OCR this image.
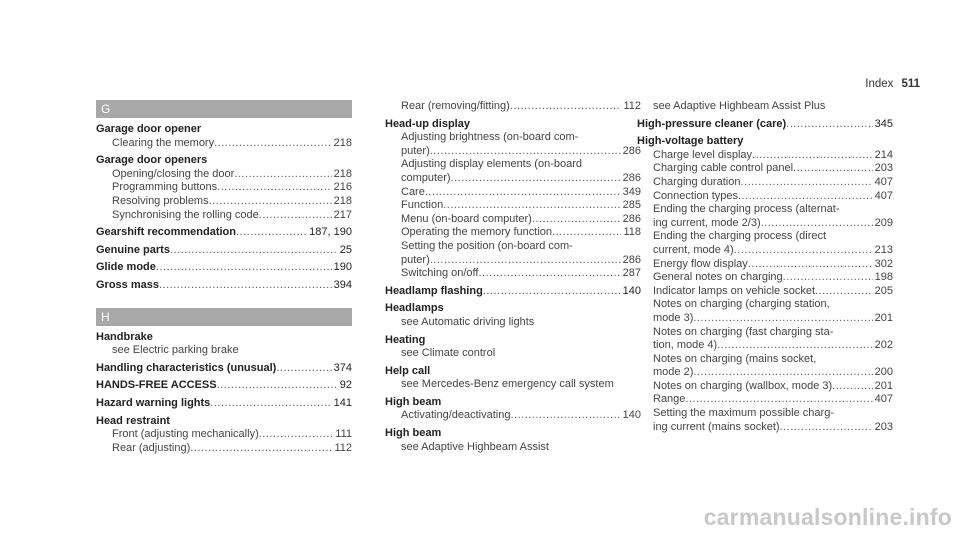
Index 511
G
Garage door opener
Clearing the memory .....	218
Garage door openers
Opening/closing the door .....	218
Programming buttons .....	216
Resolving problems .....	218
Synchronising the rolling code .....	217
Gearshift recommendation .....	187, 190
Genuine parts .....	25
Glide mode .....	190
Gross mass .....	394
H
Handbrake
see Electric parking brake
Handling characteristics (unusual) .....	374
HANDS-FREE ACCESS .....	92
Hazard warning lights .....	141
Head restraint
Front (adjusting mechanically) .....	111
Rear (adjusting) .....	112
Rear (removing/fitting) .....	112
Head-up display
Adjusting brightness (on-board com-
puter) .....	286
Adjusting display elements (on-board
computer) .....	286
Care .....	349
Function .....	285
Menu (on-board computer) .....	286
Operating the memory function .....	118
Setting the position (on-board com-
puter) .....	286
Switching on/off .....	287
Headlamp flashing .....	140
Headlamps
see Automatic driving lights
Heating
see Climate control
Help call
see Mercedes-Benz emergency call system
High beam
Activating/deactivating .....	140
High beam
see Adaptive Highbeam Assist
see Adaptive Highbeam Assist Plus
High-pressure cleaner (care) .....	345
High-voltage battery
Charge level display .....	214
Charging cable control panel .....	203
Charging duration .....	407
Connection types .....	407
Ending the charging process (alternat-
ing current, mode 2/3) .....	209
Ending the charging process (direct
current, mode 4) .....	213
Energy flow display .....	302
General notes on charging .....	198
Indicator lamps on vehicle socket .....	205
Notes on charging (charging station,
mode 3) .....	201
Notes on charging (fast charging sta-
tion, mode 4) .....	202
Notes on charging (mains socket,
mode 2) .....	200
Notes on charging (wallbox, mode 3) .....	201
Range .....	407
Setting the maximum possible charg-
ing current (mains socket) .....	203
carmanualsonline.info
